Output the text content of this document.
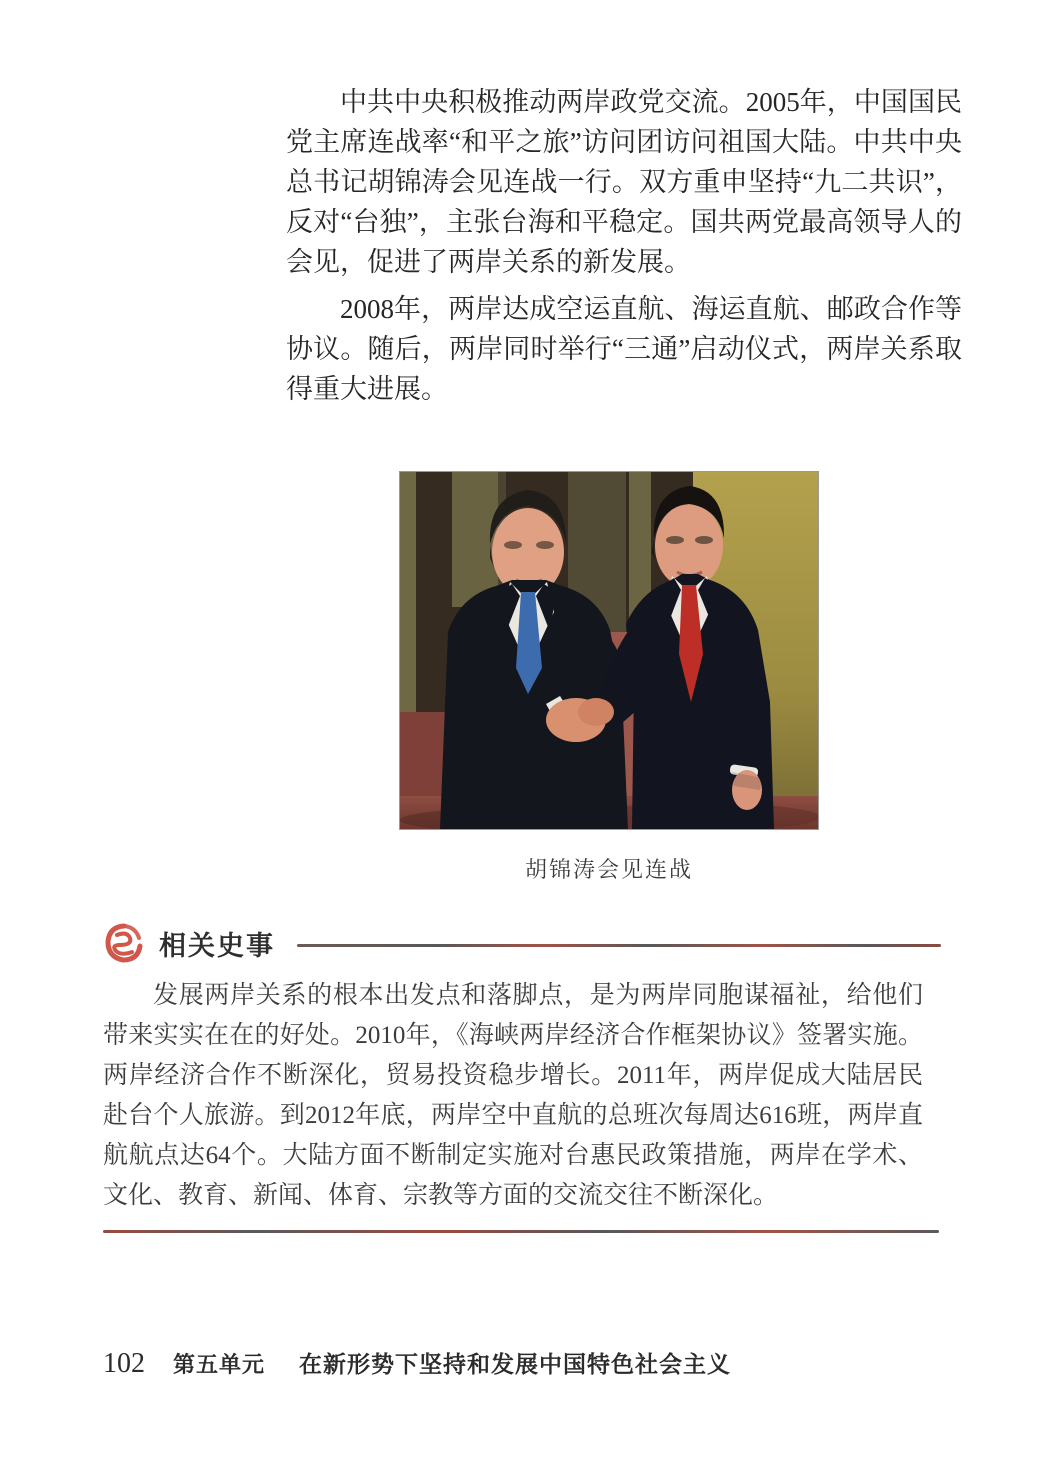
中共中央积极推动两岸政党交流。2005年，中国国民党主席连战率“和平之旅”访问团访问祖国大陆。中共中央总书记胡锦涛会见连战一行。双方重申坚持“九二共识”，反对“台独”，主张台海和平稳定。国共两党最高领导人的会见，促进了两岸关系的新发展。

2008年，两岸达成空运直航、海运直航、邮政合作等协议。随后，两岸同时举行“三通”启动仪式，两岸关系取得重大进展。

胡锦涛会见连战
相关史事
发展两岸关系的根本出发点和落脚点，是为两岸同胞谋福祉，给他们带来实实在在的好处。2010年，《海峡两岸经济合作框架协议》签署实施。两岸经济合作不断深化，贸易投资稳步增长。2011年，两岸促成大陆居民赴台个人旅游。到2012年底，两岸空中直航的总班次每周达616班，两岸直航航点达64个。大陆方面不断制定实施对台惠民政策措施，两岸在学术、文化、教育、新闻、体育、宗教等方面的交流交往不断深化。
102 第五单元 在新形势下坚持和发展中国特色社会主义
